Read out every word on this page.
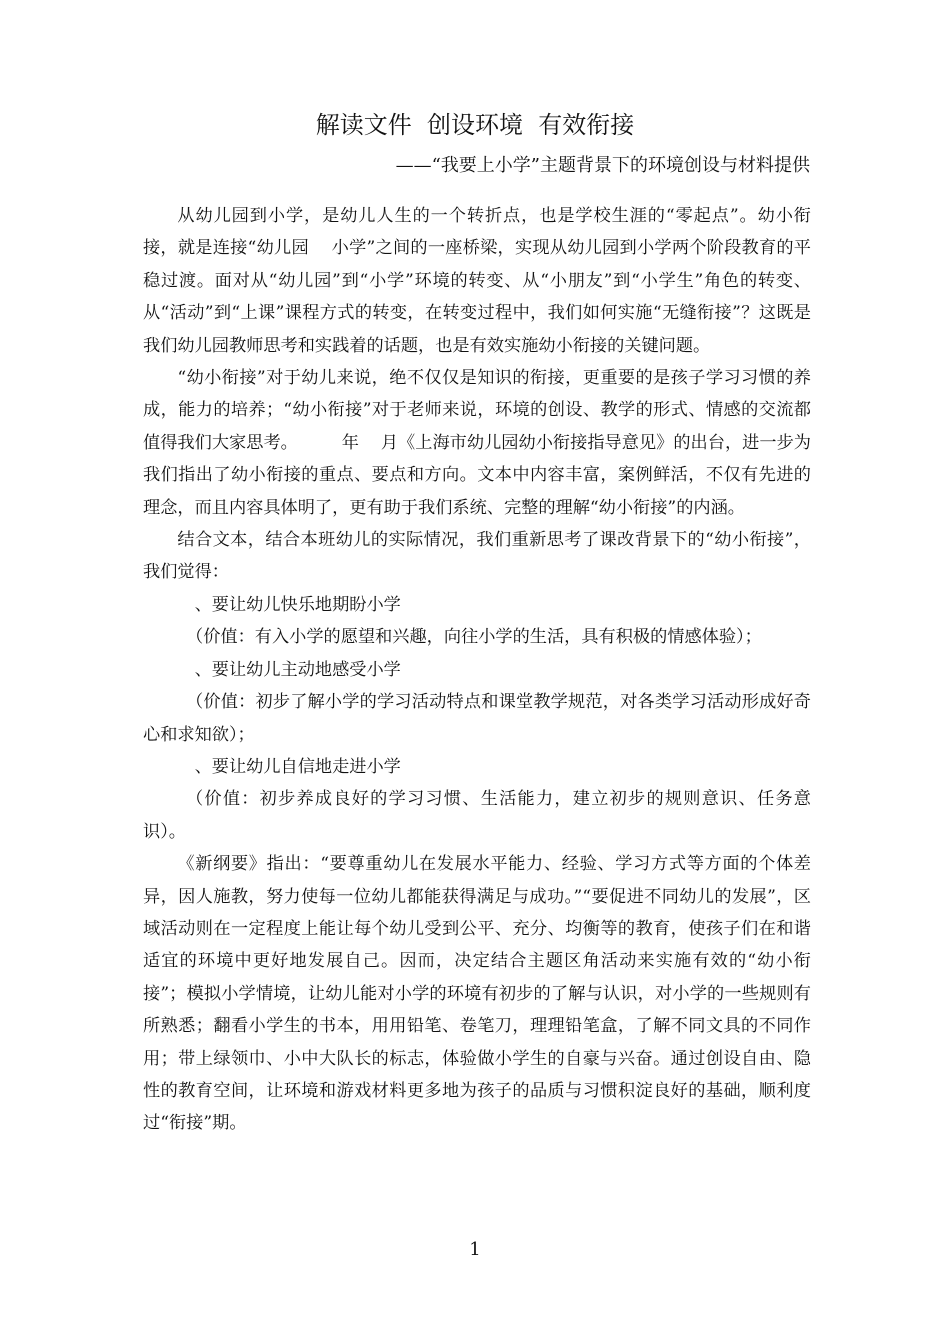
解读文件  创设环境  有效衔接
——“我要上小学”主题背景下的环境创设与材料提供

从幼儿园到小学，是幼儿人生的一个转折点，也是学校生涯的“零起点”。幼小衔接，就是连接“幼儿园    小学”之间的一座桥梁，实现从幼儿园到小学两个阶段教育的平稳过渡。面对从“幼儿园”到“小学”环境的转变、从“小朋友”到“小学生”角色的转变、从“活动”到“上课”课程方式的转变，在转变过程中，我们如何实施“无缝衔接”？这既是我们幼儿园教师思考和实践着的话题，也是有效实施幼小衔接的关键问题。

“幼小衔接”对于幼儿来说，绝不仅仅是知识的衔接，更重要的是孩子学习习惯的养成，能力的培养；“幼小衔接”对于老师来说，环境的创设、教学的形式、情感的交流都值得我们大家思考。        年    月《上海市幼儿园幼小衔接指导意见》的出台，进一步为我们指出了幼小衔接的重点、要点和方向。文本中内容丰富，案例鲜活，不仅有先进的理念，而且内容具体明了，更有助于我们系统、完整的理解“幼小衔接”的内涵。

结合文本，结合本班幼儿的实际情况，我们重新思考了课改背景下的“幼小衔接”，我们觉得：

、要让幼儿快乐地期盼小学

（价值：有入小学的愿望和兴趣，向往小学的生活，具有积极的情感体验）；

、要让幼儿主动地感受小学

（价值：初步了解小学的学习活动特点和课堂教学规范，对各类学习活动形成好奇心和求知欲）；

、要让幼儿自信地走进小学

（价值：初步养成良好的学习习惯、生活能力，建立初步的规则意识、任务意识）。

《新纲要》指出：“要尊重幼儿在发展水平能力、经验、学习方式等方面的个体差异，因人施教，努力使每一位幼儿都能获得满足与成功。”“要促进不同幼儿的发展”，区域活动则在一定程度上能让每个幼儿受到公平、充分、均衡等的教育，使孩子们在和谐适宜的环境中更好地发展自己。因而，决定结合主题区角活动来实施有效的“幼小衔接”；模拟小学情境，让幼儿能对小学的环境有初步的了解与认识，对小学的一些规则有所熟悉；翻看小学生的书本，用用铅笔、卷笔刀，理理铅笔盒，了解不同文具的不同作用；带上绿领巾、小中大队长的标志，体验做小学生的自豪与兴奋。通过创设自由、隐性的教育空间，让环境和游戏材料更多地为孩子的品质与习惯积淀良好的基础，顺利度过“衔接”期。

1
